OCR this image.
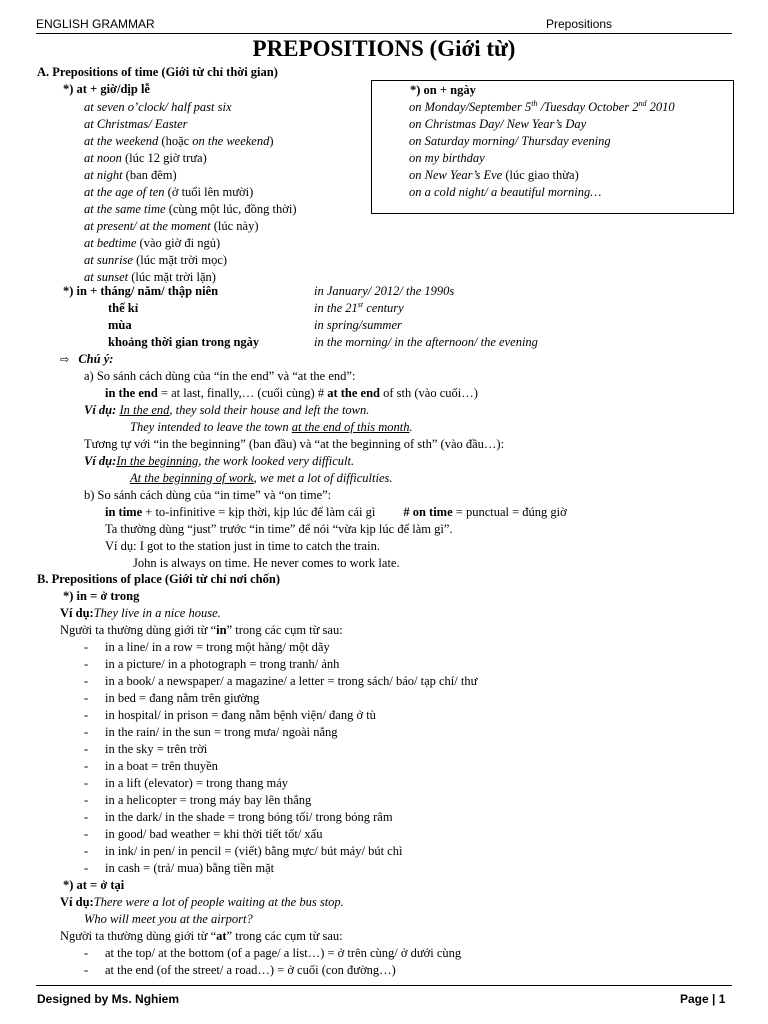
ENGLISH GRAMMAR	Prepositions
PREPOSITIONS (Giới từ)
A. Prepositions of time (Giới từ chỉ thời gian)
*) at + giờ/dịp lễ
at seven o’clock/ half past six
at Christmas/ Easter
at the weekend (hoặc on the weekend)
at noon (lúc 12 giờ trưa)
at night (ban đêm)
at the age of ten (ở tuổi lên mười)
at the same time (cùng một lúc, đồng thời)
at present/ at the moment (lúc này)
at bedtime (vào giờ đi ngủ)
at sunrise (lúc mặt trời mọc)
at sunset (lúc mặt trời lặn)
*) on + ngày
on Monday/September 5th /Tuesday October 2nd 2010
on Christmas Day/ New Year’s Day
on Saturday morning/ Thursday evening
on my birthday
on New Year’s Eve (lúc giao thừa)
on a cold night/ a beautiful morning…
*) in + tháng/ năm/ thập niên	in January/ 2012/ the 1990s
thế kỉ	in the 21st century
mùa	in spring/summer
khoảng thời gian trong ngày	in the morning/ in the afternoon/ the evening
⇨ Chú ý:
a) So sánh cách dùng của “in the end” và “at the end”:
in the end = at last, finally,… (cuối cùng) # at the end of sth (vào cuối…)
Ví dụ: In the end, they sold their house and left the town.
They intended to leave the town at the end of this month.
Tương tự với “in the beginning” (ban đầu) và “at the beginning of sth” (vào đầu…):
Ví dụ:In the beginning, the work looked very difficult.
At the beginning of work, we met a lot of difficulties.
b) So sánh cách dùng của “in time” và “on time”:
in time + to-infinitive = kịp thời, kịp lúc để làm cái gì # on time = punctual = đúng giờ
Ta thường dùng “just” trước “in time” để nói “vừa kịp lúc để làm gì”.
Ví dụ: I got to the station just in time to catch the train.
John is always on time. He never comes to work late.
B. Prepositions of place (Giới từ chỉ nơi chốn)
*) in = ở trong
Ví dụ:They live in a nice house.
Người ta thường dùng giới từ “in” trong các cụm từ sau:
- in a line/ in a row = trong một hàng/ một dãy
- in a picture/ in a photograph = trong tranh/ ảnh
- in a book/ a newspaper/ a magazine/ a letter = trong sách/ báo/ tạp chí/ thư
- in bed = đang nằm trên giường
- in hospital/ in prison = đang nằm bệnh viện/ đang ở tù
- in the rain/ in the sun = trong mưa/ ngoài nắng
- in the sky = trên trời
- in a boat = trên thuyền
- in a lift (elevator) = trong thang máy
- in a helicopter = trong máy bay lên thẳng
- in the dark/ in the shade = trong bóng tối/ trong bóng râm
- in good/ bad weather = khi thời tiết tốt/ xấu
- in ink/ in pen/ in pencil = (viết) bằng mực/ bút máy/ bút chì
- in cash = (trả/ mua) bằng tiền mặt
*) at = ở tại
Ví dụ:There were a lot of people waiting at the bus stop.
Who will meet you at the airport?
Người ta thường dùng giới từ “at” trong các cụm từ sau:
- at the top/ at the bottom (of a page/ a list…) = ở trên cùng/ ở dưới cùng
- at the end (of the street/ a road…) = ở cuối (con đường…)
Designed by Ms. Nghiem	Page | 1
